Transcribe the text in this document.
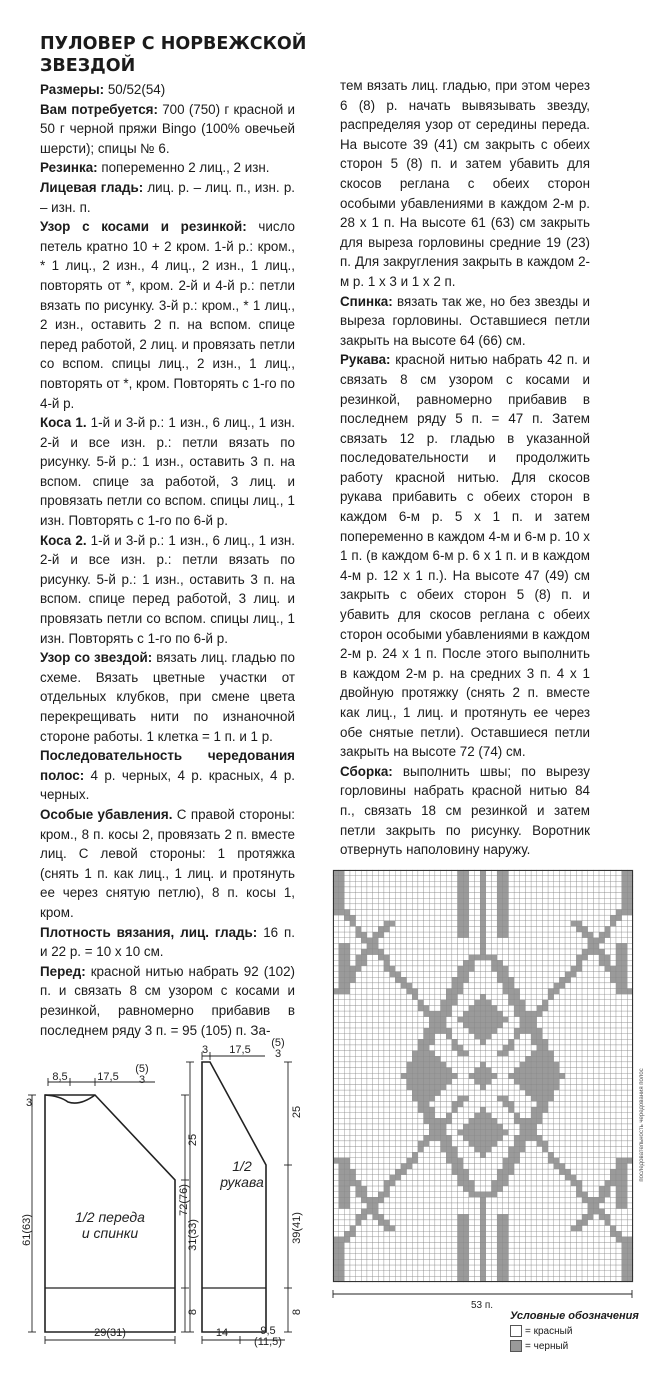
ПУЛОВЕР С НОРВЕЖСКОЙ ЗВЕЗДОЙ

Размеры: 50/52(54)

Вам потребуется: 700 (750) г красной и 50 г черной пряжи Bingo (100% овечьей шерсти); спицы № 6.

Резинка: попеременно 2 лиц., 2 изн.

Лицевая гладь: лиц. р. – лиц. п., изн. р. – изн. п.

Узор с косами и резинкой: число петель кратно 10 + 2 кром. 1-й р.: кром., * 1 лиц., 2 изн., 4 лиц., 2 изн., 1 лиц., повторять от *, кром. 2-й и 4-й р.: петли вязать по рисунку. 3-й р.: кром., * 1 лиц., 2 изн., оставить 2 п. на вспом. спице перед работой, 2 лиц. и провязать петли со вспом. спицы лиц., 2 изн., 1 лиц., повторять от *, кром. Повторять с 1-го по 4-й р.

Коса 1. 1-й и 3-й р.: 1 изн., 6 лиц., 1 изн. 2-й и все изн. р.: петли вязать по рисунку. 5-й р.: 1 изн., оставить 3 п. на вспом. спице за работой, 3 лиц. и провязать петли со вспом. спицы лиц., 1 изн. Повторять с 1-го по 6-й р.

Коса 2. 1-й и 3-й р.: 1 изн., 6 лиц., 1 изн. 2-й и все изн. р.: петли вязать по рисунку. 5-й р.: 1 изн., оставить 3 п. на вспом. спице перед работой, 3 лиц. и провязать петли со вспом. спицы лиц., 1 изн. Повторять с 1-го по 6-й р.

Узор со звездой: вязать лиц. гладью по схеме. Вязать цветные участки от отдельных клубков, при смене цвета перекрещивать нити по изнаночной стороне работы. 1 клетка = 1 п. и 1 р.

Последовательность чередования полос: 4 р. черных, 4 р. красных, 4 р. черных.

Особые убавления. С правой стороны: кром., 8 п. косы 2, провязать 2 п. вместе лиц. С левой стороны: 1 протяжка (снять 1 п. как лиц., 1 лиц. и протянуть ее через снятую петлю), 8 п. косы 1, кром.

Плотность вязания, лиц. гладь: 16 п. и 22 р. = 10 х 10 см.

Перед: красной нитью набрать 92 (102) п. и связать 8 см узором с косами и резинкой, равномерно прибавив в последнем ряду 3 п. = 95 (105) п. За-

тем вязать лиц. гладью, при этом через 6 (8) р. начать вывязывать звезду, распределяя узор от середины переда. На высоте 39 (41) см закрыть с обеих сторон 5 (8) п. и затем убавить для скосов реглана с обеих сторон особыми убавлениями в каждом 2-м р. 28 х 1 п. На высоте 61 (63) см закрыть для выреза горловины средние 19 (23) п. Для закругления закрыть в каждом 2-м р. 1 х 3 и 1 х 2 п.

Спинка: вязать так же, но без звезды и выреза горловины. Оставшиеся петли закрыть на высоте 64 (66) см.

Рукава: красной нитью набрать 42 п. и связать 8 см узором с косами и резинкой, равномерно прибавив в последнем ряду 5 п. = 47 п. Затем связать 12 р. гладью в указанной последовательности и продолжить работу красной нитью. Для скосов рукава прибавить с обеих сторон в каждом 6-м р. 5 х 1 п. и затем попеременно в каждом 4-м и 6-м р. 10 х 1 п. (в каждом 6-м р. 6 х 1 п. и в каждом 4-м р. 12 х 1 п.). На высоте 47 (49) см закрыть с обеих сторон 5 (8) п. и убавить для скосов реглана с обеих сторон особыми убавлениями в каждом 2-м р. 24 х 1 п. После этого выполнить в каждом 2-м р. на средних 3 п. 4 х 1 двойную протяжку (снять 2 п. вместе как лиц., 1 лиц. и протянуть ее через обе снятые петли). Оставшиеся петли закрыть на высоте 72 (74) см.

Сборка: выполнить швы; по вырезу горловины набрать красной нитью 84 п., связать 18 см резинкой и затем петли закрыть по рисунку. Воротник отвернуть наполовину наружу.

1/2 переда
и спинки
8,5	17,5
(5)
3
3
61(63)
25
31(33)
8
29(31)
1/2
рукава
3 17,5
(5)
3
72(76)
25
39(41)
8
14	9,5
(11,5)
53 п.
последовательность чередования полос
Условные обозначения
= красный
= черный
